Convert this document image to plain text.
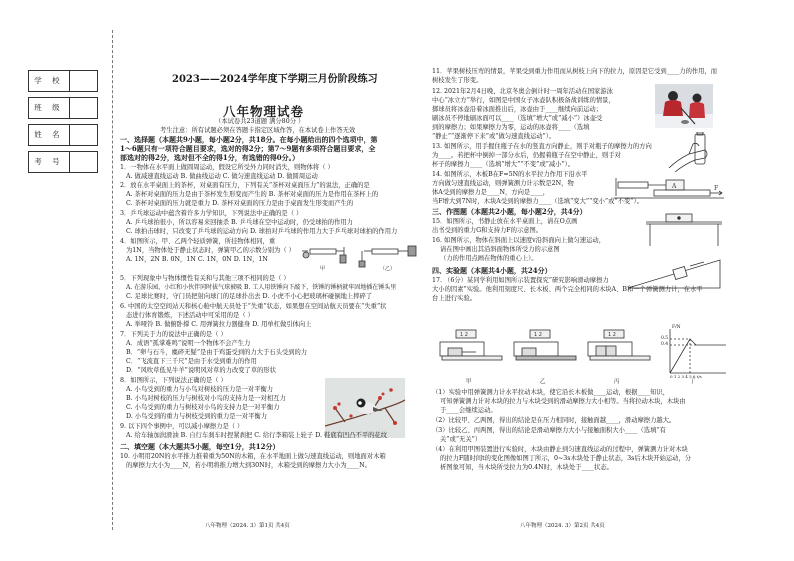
学 校
班 级
姓 名
考 号
2023——2024学年度下学期三月份阶段练习
八年物理试卷
（本试卷共23道题 满分80分 ）
考生注意：所有试题必须在答题卡指定区域作答，在本试卷上作答无效
一、选择题（本题共9小题，每小题2分，共18分。在每小题给出的四个选项中，第
1～6题只有一项符合题目要求，选对的得2分；第7～9题有多项符合题目要求，全
部选对的得2分，选对但不全的得1分，有选错的得0分。）
1．一物体在水平面上做圆周运动，假设它所受外力同时消失，则物体将（ ）
A. 做减速直线运动 B. 做曲线运动 C. 做匀速直线运动 D. 做圆周运动
2．放在水平桌面上的茶杯，对桌面有压力，下列有关“茶杯对桌面压力”的说法，正确的是
A. 茶杯对桌面的压力是由于茶杯发生形变而产生的 B. 茶杯对桌面的压力是作用在茶杯上的
C. 茶杯对桌面的压力就是重力 D. 茶杯对桌面的压力是由于桌面发生形变而产生的
3．乒乓球运动中蕴含着许多力学知识，下列说法中正确的是（ ）
A. 乒乓球拍很小，所以容易来回抽杀 B. 乒乓球在空中运动时，仍受球拍的作用力
C. 球拍击球时，只改变了乒乓球的运动方向 D. 球拍对乒乓球的作用力大于乒乓球对球拍的作用力
4．如图所示，甲、乙两个轻质弹簧，所挂物体相同，重
为1N，当物体处于静止状态时，弹簧甲乙的示数分别为（ ）
A. 1N，2N B. 0N，1N C. 1N，0N D. 1N，1N
甲	（乙）
5．下列现象中与物体惯性有关和与其他三项不相同的是（ ）
A. 在游乐园，小红和小伙伴同时拔气球被吸 B. 工人用铁锤向下敲下，铁锤的锤柄就牢固地插在锤头里
C. 足球比赛时，守门员把射向球门的足球扑出去 D. 小虎不小心把玻璃杯碰倒地上摔碎了
6. 中国的太空空间站天和核心舱中航天员处于“失重”状态，如果想在空间站航天员要在“失重”状
态进行体育锻炼，下述活动中可采用的是（ ）
A. 举哑铃 B. 做俯卧撑 C. 用弹簧拉力器健身 D. 用单杠做引体向上
7．下列关于力的说法中正确的是（ ）
A．成语“孤掌难鸣”说明一个物体不会产生力
B．“卵与石斗，麋碎无疑”是由于鸡蛋受到的力大于石头受到的力
C．“飞流直下三千尺”是由于水受到重力的作用
D．“风吹草低见牛羊”说明风对草的力改变了草的形状
8．如图所示，下列说法正确的是（ ）
A. 小鸟受到的重力与小鸟对树枝的压力是一对平衡力
B. 小鸟对树枝的压力与树枝对小鸟的支持力是一对相互力
C. 小鸟受到的重力与树枝对小鸟的支持力是一对平衡力
D. 小鸟受到的重力与树枝受到的重力是一对平衡力
9. 以下四个事例中，可以减小摩擦力是（ ）
A. 给车轴加润滑油 B. 自行车刹车时捏紧刹把 C. 给行李箱装上轮子 D. 鞋底有凹凸不平的花纹
二、填空题（本大题共5小题，每空1分，共12分）
10. 小明用20N的水平推力推着重为50N的木箱，在水平地面上做匀速直线运动，则地面对木箱
的摩擦力大小为____N，若小明将推力增大到30N时，木箱受到的摩擦力大小为____N。
八年物理（2024. 3）第1页 共4页
11．苹果树枝压弯的情景，苹果受到重力作用而从树枝上向下的拉力，原因是它受到____力的作用，而
树枝发生了形变。
12. 2021年2月4日晚，北京冬奥会倒计时一周年活动在国家游泳
中心“冰立方”举行，如图是中国女子冰壶队积极备战训练的情景，
掷球员将冰壶沿着冰面推出后，冰壶由于____继续向前运动；
刷冰员不停地刷冰面可以____（选填“增大”或“减小”）冰壶受
到的摩擦力；如果摩擦力为零，运动的冰壶将____（选填
“静止”“逐渐停下来”或“做匀速直线运动”）。
13. 如图所示，用手握住瓶子在水的竖直方向静止，则手对瓶子的摩擦力的方向
为____。若把杯中倒掉一部分水后，仍握着瓶子在空中静止，则手对
杯子的摩擦力____（选填“增大”“不变”或“减小”）。
14. 如图所示，木板B在F=5N的水平拉力作用下沿水平
方向做匀速直线运动，则弹簧测力计示数是2N，物
体A受到的摩擦力是____N，方向是____，
当F增大到7N时，木块A受到的摩擦力____（选填“变大”“变小”或“不变”）。
A	F
三、作图题（本题共2小题，每小题2分，共4分）
15．如图所示，书静止放在水平桌面上，请在O点画
出书受到的重力G和支持力F的示意图。
16. 如图所示，物体在斜面上以速度v沿斜面向上做匀速运动，
请在图中画出其沿斜面物体所受力的示意图
（力的作用点画在物体的重心上）。
四、实验题（本题共4小题，共24分）
17. （6分）某同学利用如图所示装置探究“研究影响滑动摩擦力
大小的因素”实验。他利用刻度尺、长木板、两个完全相同的木块A、B和一个弹簧测力计，在水平
台上进行实验。
1 2	1 2	1 2
甲	乙	丙
0.5
0.4
0 1 2 3 4 5 6 t/s
F/N
丁
（1）实验中用弹簧测力计水平拉动木块，使它沿长木板做____运动，根据____知识，
可知弹簧测力计对木块的拉力与木块受到的滑动摩擦力大小相等。当将拉动木块，木块由
于____会继续运动。
（2）比较甲、乙两图，得出的结论是在压力相同时，接触面越____，滑动摩擦力越大。
（3）比较乙、丙两图，得出的结论是滑动摩擦力大小与接触面积大小____（选填“有
关”或“无关”）
（4）在利用甲图装置进行实验时，木块由静止到匀速直线运动的过程中，弹簧测力计对木块
的拉力F随时间t的变化图像如图丁所示，0~3s木块处于静止状态，3s后木块开始运动，分
析图象可知，当木块所受拉力为0.4N时，木块处于____状态。
八年物理（2024. 3）第2页 共4页
